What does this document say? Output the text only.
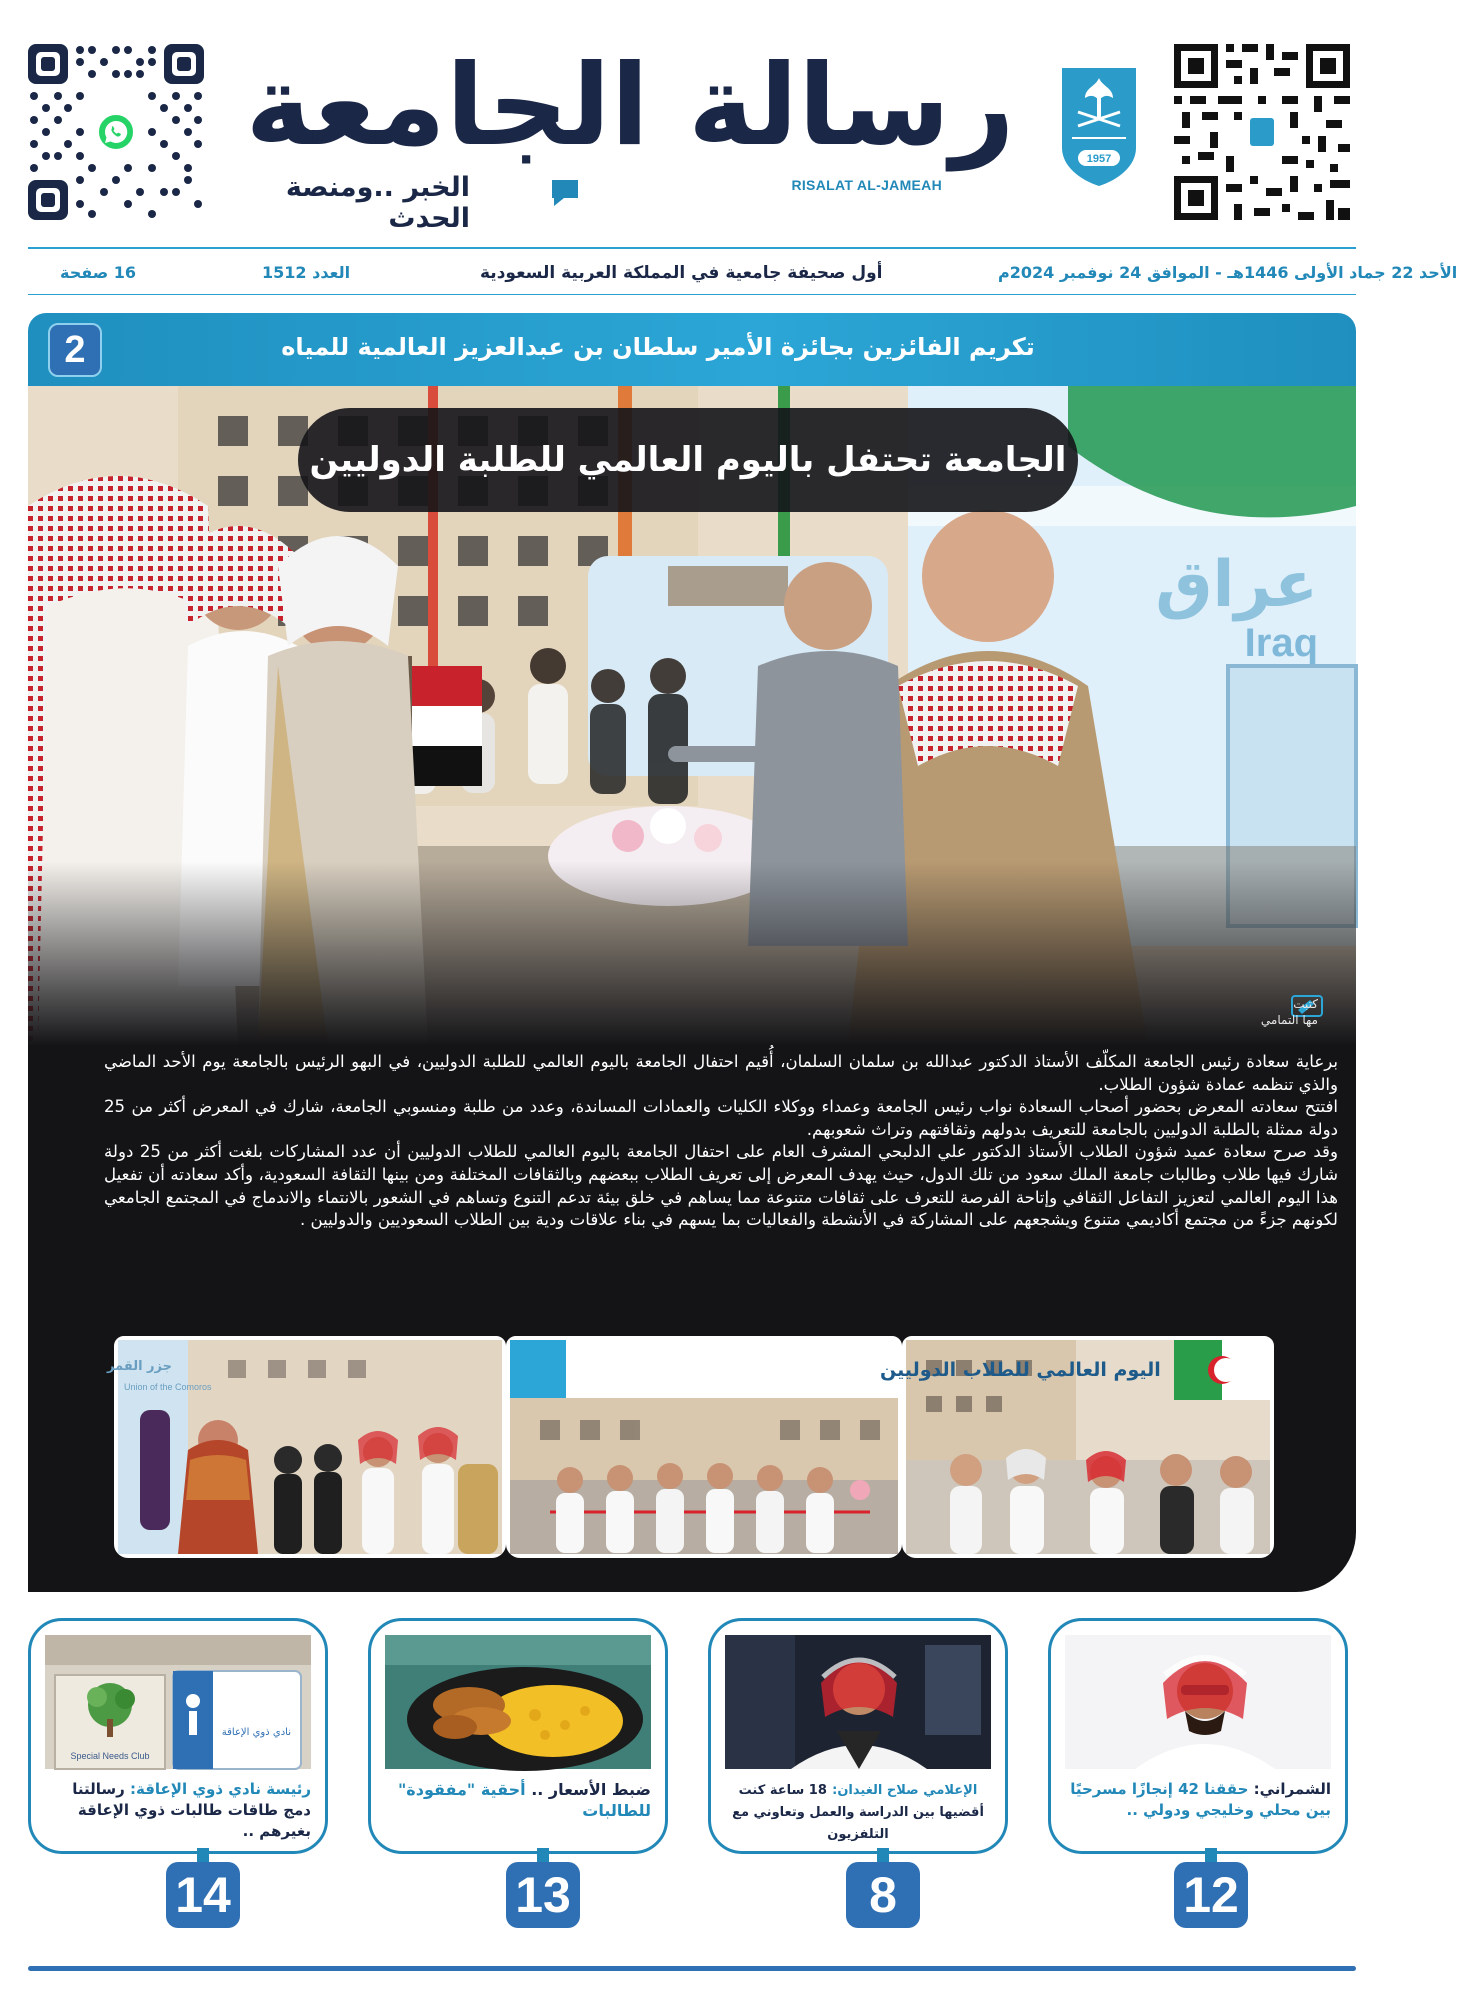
رسالة الجامعة
الخبر ..ومنصة الحدث
RISALAT AL-JAMEAH
1957
الأحد 22 جماد الأولى 1446هـ - الموافق 24 نوفمبر 2024م
أول صحيفة جامعية في المملكة العربية السعودية
العدد 1512
16 صفحة
تكريم الفائزين بجائزة الأمير سلطان بن عبدالعزيز العالمية للمياه
2
الجامعة تحتفل باليوم العالمي للطلبة الدوليين
كتبت
مها التمامي

برعاية سعادة رئيس الجامعة المكلّف الأستاذ الدكتور عبدالله بن سلمان السلمان، أُقيم احتفال الجامعة باليوم العالمي للطلبة الدوليين، في البهو الرئيس بالجامعة يوم الأحد الماضي والذي تنظمه عمادة شؤون الطلاب.

افتتح سعادته المعرض بحضور أصحاب السعادة نواب رئيس الجامعة وعمداء ووكلاء الكليات والعمادات المساندة، وعدد من طلبة ومنسوبي الجامعة، شارك في المعرض أكثر من 25 دولة ممثلة بالطلبة الدوليين بالجامعة للتعريف بدولهم وثقافتهم وتراث شعوبهم.

وقد صرح سعادة عميد شؤون الطلاب الأستاذ الدكتور علي الدلبحي المشرف العام على احتفال الجامعة باليوم العالمي للطلاب الدوليين أن عدد المشاركات بلغت أكثر من 25 دولة شارك فيها طلاب وطالبات جامعة الملك سعود من تلك الدول، حيث يهدف المعرض إلى تعريف الطلاب ببعضهم وبالثقافات المختلفة ومن بينها الثقافة السعودية، وأكد سعادته أن تفعيل هذا اليوم العالمي لتعزيز التفاعل الثقافي وإتاحة الفرصة للتعرف على ثقافات متنوعة مما يساهم في خلق بيئة تدعم التنوع وتساهم في الشعور بالانتماء والاندماج في المجتمع الجامعي لكونهم جزءً من مجتمع أكاديمي متنوع ويشجعهم على المشاركة في الأنشطة والفعاليات بما يسهم في بناء علاقات ودية بين الطلاب السعوديين والدوليين .

اليوم العالمي للطلاب الدوليين
جزر القمر
Union of the Comoros
الشمراني: حققنا 42 إنجازًا مسرحيًا بين محلي وخليجي ودولي ..
12
الإعلامي صلاح الغيدان: 18 ساعة كنت أقضيها بين الدراسة والعمل وتعاوني مع التلفزيون
8
ضبط الأسعار .. أحقية "مفقودة" للطالبات
13
Special Needs Club
نادي ذوي الإعاقة
رئيسة نادي ذوي الإعاقة: رسالتنا دمج طاقات طالبات ذوي الإعاقة بغيرهم ..
14
